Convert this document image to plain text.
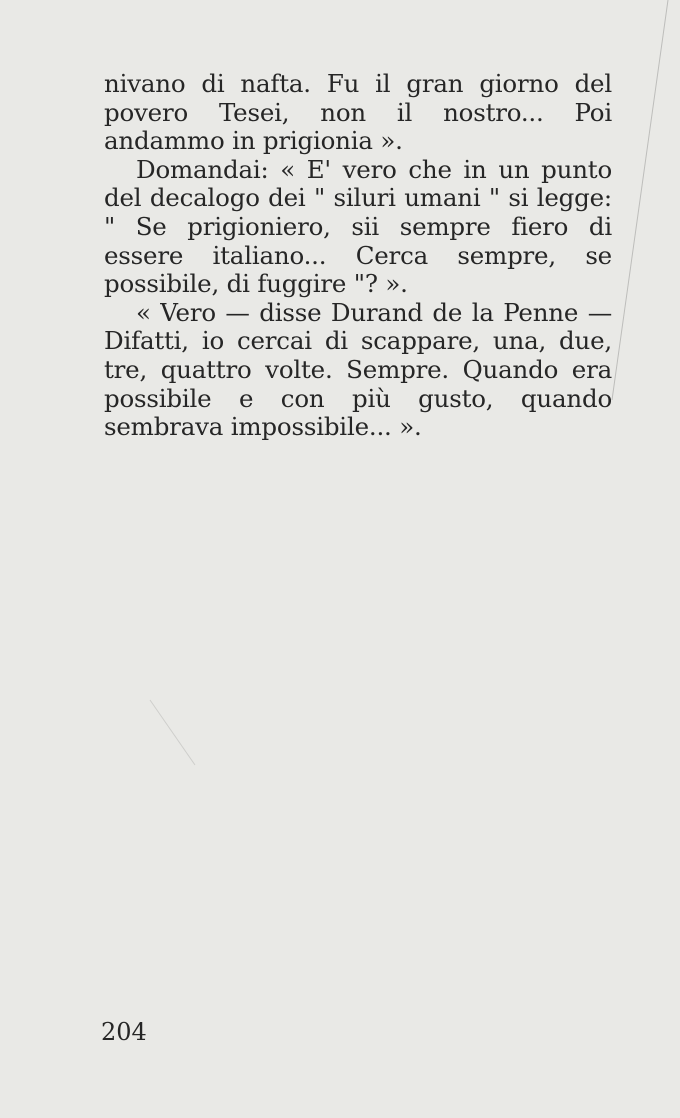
nivano di nafta. Fu il gran giorno del povero Tesei, non il nostro... Poi andammo in prigionia ».

Domandai: « E' vero che in un punto del decalogo dei " siluri umani " si legge: " Se prigioniero, sii sempre fiero di essere italiano... Cerca sempre, se possibile, di fuggire "? ».

« Vero — disse Durand de la Penne — Difatti, io cercai di scappare, una, due, tre, quattro volte. Sempre. Quando era possibile e con più gusto, quando sembrava impossibile... ».

204
